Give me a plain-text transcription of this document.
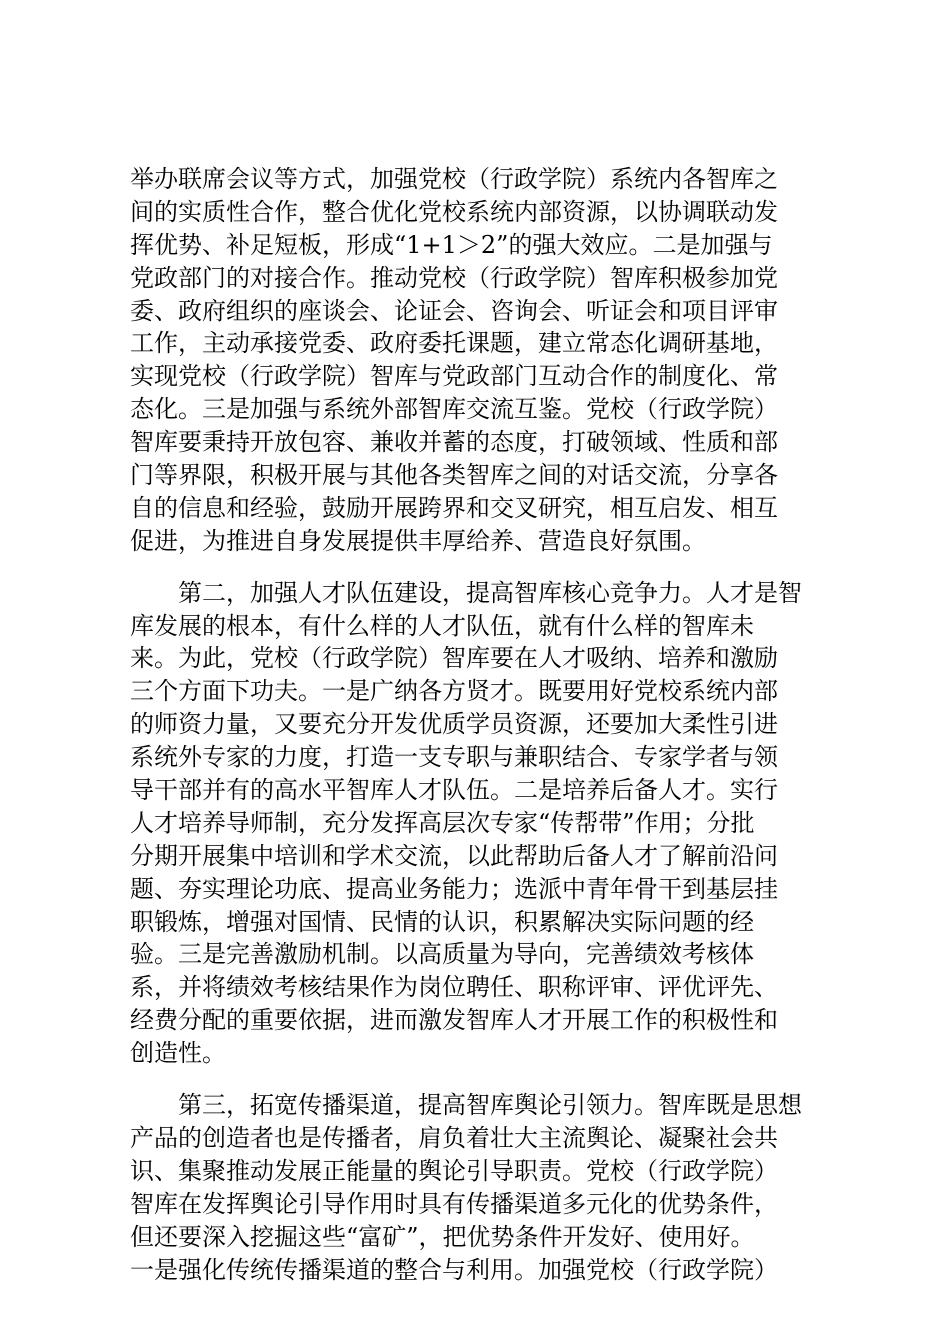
举办联席会议等方式，加强党校（行政学院）系统内各智库之
间的实质性合作，整合优化党校系统内部资源，以协调联动发
挥优势、补足短板，形成“1+1＞2”的强大效应。二是加强与
党政部门的对接合作。推动党校（行政学院）智库积极参加党
委、政府组织的座谈会、论证会、咨询会、听证会和项目评审
工作，主动承接党委、政府委托课题，建立常态化调研基地，
实现党校（行政学院）智库与党政部门互动合作的制度化、常
态化。三是加强与系统外部智库交流互鉴。党校（行政学院）
智库要秉持开放包容、兼收并蓄的态度，打破领域、性质和部
门等界限，积极开展与其他各类智库之间的对话交流，分享各
自的信息和经验，鼓励开展跨界和交叉研究，相互启发、相互
促进，为推进自身发展提供丰厚给养、营造良好氛围。

　　第二，加强人才队伍建设，提高智库核心竞争力。人才是智
库发展的根本，有什么样的人才队伍，就有什么样的智库未
来。为此，党校（行政学院）智库要在人才吸纳、培养和激励
三个方面下功夫。一是广纳各方贤才。既要用好党校系统内部
的师资力量，又要充分开发优质学员资源，还要加大柔性引进
系统外专家的力度，打造一支专职与兼职结合、专家学者与领
导干部并有的高水平智库人才队伍。二是培养后备人才。实行
人才培养导师制，充分发挥高层次专家“传帮带”作用；分批
分期开展集中培训和学术交流，以此帮助后备人才了解前沿问
题、夯实理论功底、提高业务能力；选派中青年骨干到基层挂
职锻炼，增强对国情、民情的认识，积累解决实际问题的经
验。三是完善激励机制。以高质量为导向，完善绩效考核体
系，并将绩效考核结果作为岗位聘任、职称评审、评优评先、
经费分配的重要依据，进而激发智库人才开展工作的积极性和
创造性。

　　第三，拓宽传播渠道，提高智库舆论引领力。智库既是思想
产品的创造者也是传播者，肩负着壮大主流舆论、凝聚社会共
识、集聚推动发展正能量的舆论引导职责。党校（行政学院）
智库在发挥舆论引导作用时具有传播渠道多元化的优势条件，
但还要深入挖掘这些“富矿”，把优势条件开发好、使用好。
一是强化传统传播渠道的整合与利用。加强党校（行政学院）
